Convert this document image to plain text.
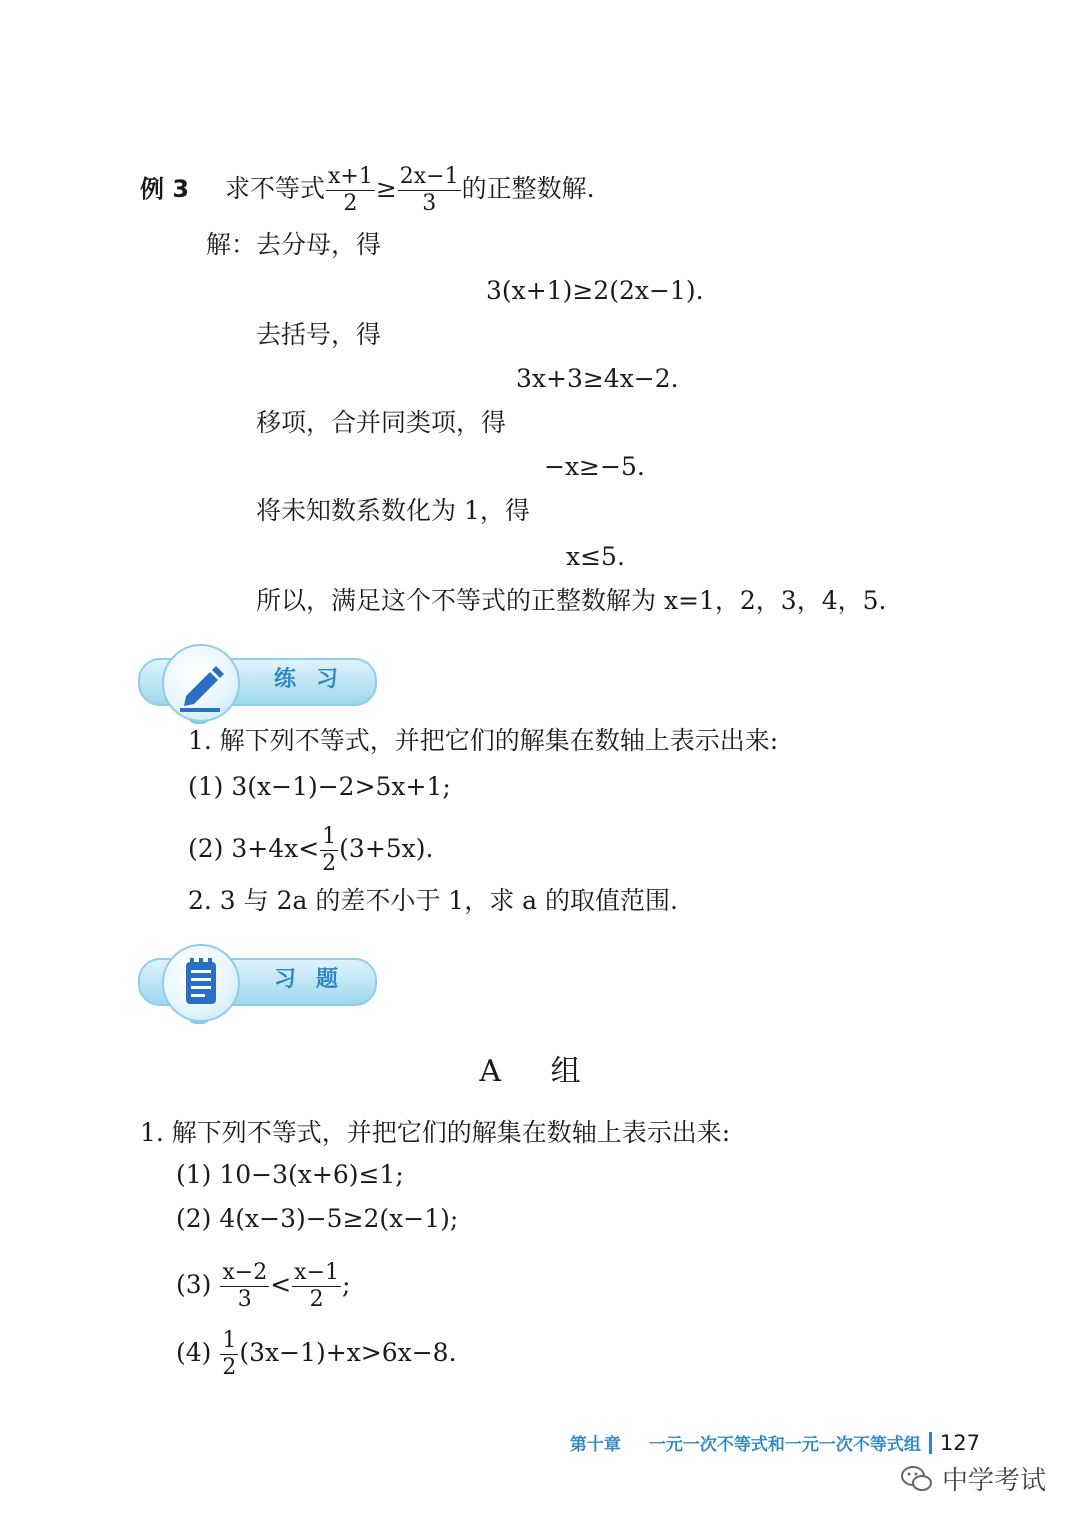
例 3 求不等式 $\frac{x+1}{2} \ge \frac{2x-1}{3}$ 的正整数解.
解：去分母，得
3(x+1)≥2(2x−1).
去括号，得
3x+3≥4x−2.
移项，合并同类项，得
−x≥−5.
将未知数系数化为 1，得
x≤5.
所以，满足这个不等式的正整数解为 x=1，2，3，4，5.
练习
1. 解下列不等式，并把它们的解集在数轴上表示出来:
(1) 3(x−1)−2>5x+1;
(2) $3+4x< \frac{1}{2} (3+5x)$.
2. 3 与 2a 的差不小于 1，求 a 的取值范围.
习题
A 组
1. 解下列不等式，并把它们的解集在数轴上表示出来:
(1) 10−3(x+6)≤1;
(2) 4(x−3)−5≥2(x−1);
$(3) \frac{x-2}{3} < \frac{x-1}{2}$ ;
$(4) \frac{1}{2} (3x-1)+x>6x-8$.
第十章 一元一次不等式和一元一次不等式组 127
中学考试
